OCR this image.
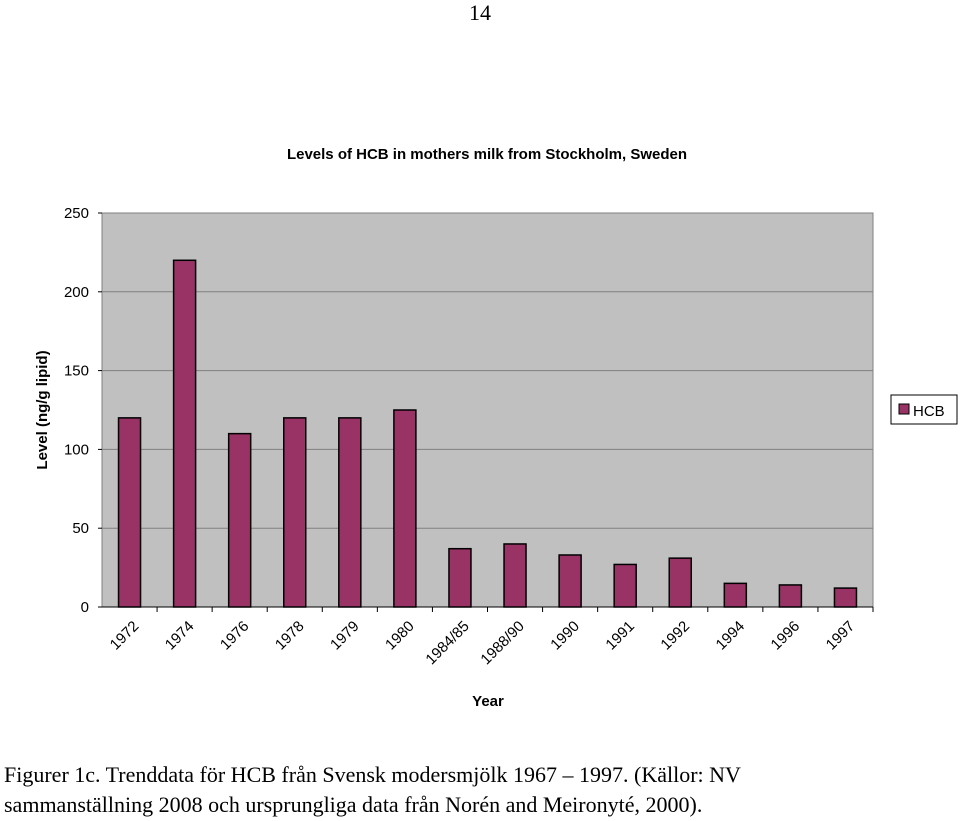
14
Levels of HCB in mothers milk from Stockholm, Sweden
0
50
100
150
200
250
1972 1974 1976 1978 1979 1980 1984/85 1988/90 1990 1991 1992 1994 1996 1997
Level (ng/g lipid)
Year
HCB
Figurer 1c. Trenddata för HCB från Svensk modersmjölk 1967 – 1997. (Källor: NV
sammanställning 2008 och ursprungliga data från Norén and Meironyté, 2000).
